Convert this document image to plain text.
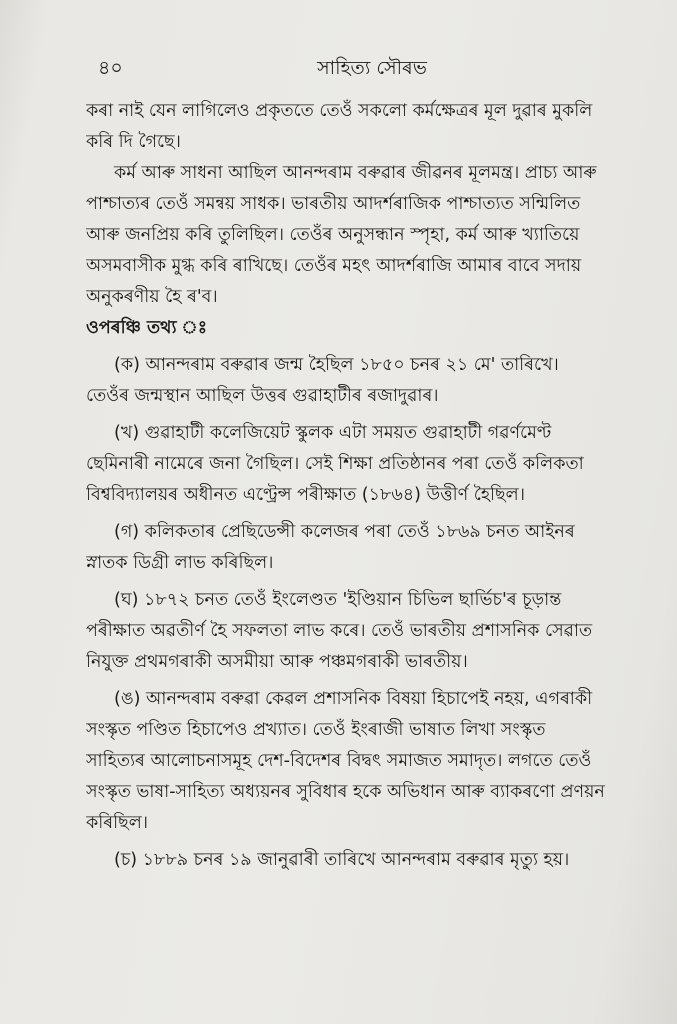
৪০	সাহিত্য সৌৰভ
কৰা নাই যেন লাগিলেও প্ৰকৃততে তেওঁ সকলো কৰ্মক্ষেত্ৰৰ মূল দুৱাৰ মুকলি
কৰি দি গৈছে।
কৰ্ম আৰু সাধনা আছিল আনন্দৰাম বৰুৱাৰ জীৱনৰ মূলমন্ত্ৰ। প্ৰাচ্য আৰু
পাশ্চাত্যৰ তেওঁ সমন্বয় সাধক। ভাৰতীয় আদৰ্শৰাজিক পাশ্চাত্যত সন্মিলিত
আৰু জনপ্ৰিয় কৰি তুলিছিল। তেওঁৰ অনুসন্ধান স্পৃহা, কৰ্ম আৰু খ্যাতিয়ে
অসমবাসীক মুগ্ধ কৰি ৰাখিছে। তেওঁৰ মহৎ আদৰ্শৰাজি আমাৰ বাবে সদায়
অনুকৰণীয় হৈ ৰ'ব।
ওপৰঞ্চি তথ্য ঃ
(ক) আনন্দৰাম বৰুৱাৰ জন্ম হৈছিল ১৮৫০ চনৰ ২১ মে' তাৰিখে।
তেওঁৰ জন্মস্থান আছিল উত্তৰ গুৱাহাটীৰ ৰজাদুৱাৰ।
(খ) গুৱাহাটী কলেজিয়েট স্কুলক এটা সময়ত গুৱাহাটী গৱৰ্ণমেণ্ট
ছেমিনাৰী নামেৰে জনা গৈছিল। সেই শিক্ষা প্ৰতিষ্ঠানৰ পৰা তেওঁ কলিকতা
বিশ্ববিদ্যালয়ৰ অধীনত এণ্ট্ৰেন্স পৰীক্ষাত (১৮৬৪) উত্তীৰ্ণ হৈছিল।
(গ) কলিকতাৰ প্ৰেছিডেন্সী কলেজৰ পৰা তেওঁ ১৮৬৯ চনত আইনৰ
স্নাতক ডিগ্ৰী লাভ কৰিছিল।
(ঘ) ১৮৭২ চনত তেওঁ ইংলেণ্ডত 'ইণ্ডিয়ান চিভিল ছাৰ্ভিচ'ৰ চূড়ান্ত
পৰীক্ষাত অৱতীৰ্ণ হৈ সফলতা লাভ কৰে। তেওঁ ভাৰতীয় প্ৰশাসনিক সেৱাত
নিযুক্ত প্ৰথমগৰাকী অসমীয়া আৰু পঞ্চমগৰাকী ভাৰতীয়।
(ঙ) আনন্দৰাম বৰুৱা কেৱল প্ৰশাসনিক বিষয়া হিচাপেই নহয়, এগৰাকী
সংস্কৃত পণ্ডিত হিচাপেও প্ৰখ্যাত। তেওঁ ইংৰাজী ভাষাত লিখা সংস্কৃত
সাহিত্যৰ আলোচনাসমূহ দেশ-বিদেশৰ বিদ্বৎ সমাজত সমাদৃত। লগতে তেওঁ
সংস্কৃত ভাষা-সাহিত্য অধ্যয়নৰ সুবিধাৰ হকে অভিধান আৰু ব্যাকৰণো প্ৰণয়ন
কৰিছিল।
(চ) ১৮৮৯ চনৰ ১৯ জানুৱাৰী তাৰিখে আনন্দৰাম বৰুৱাৰ মৃত্যু হয়।
